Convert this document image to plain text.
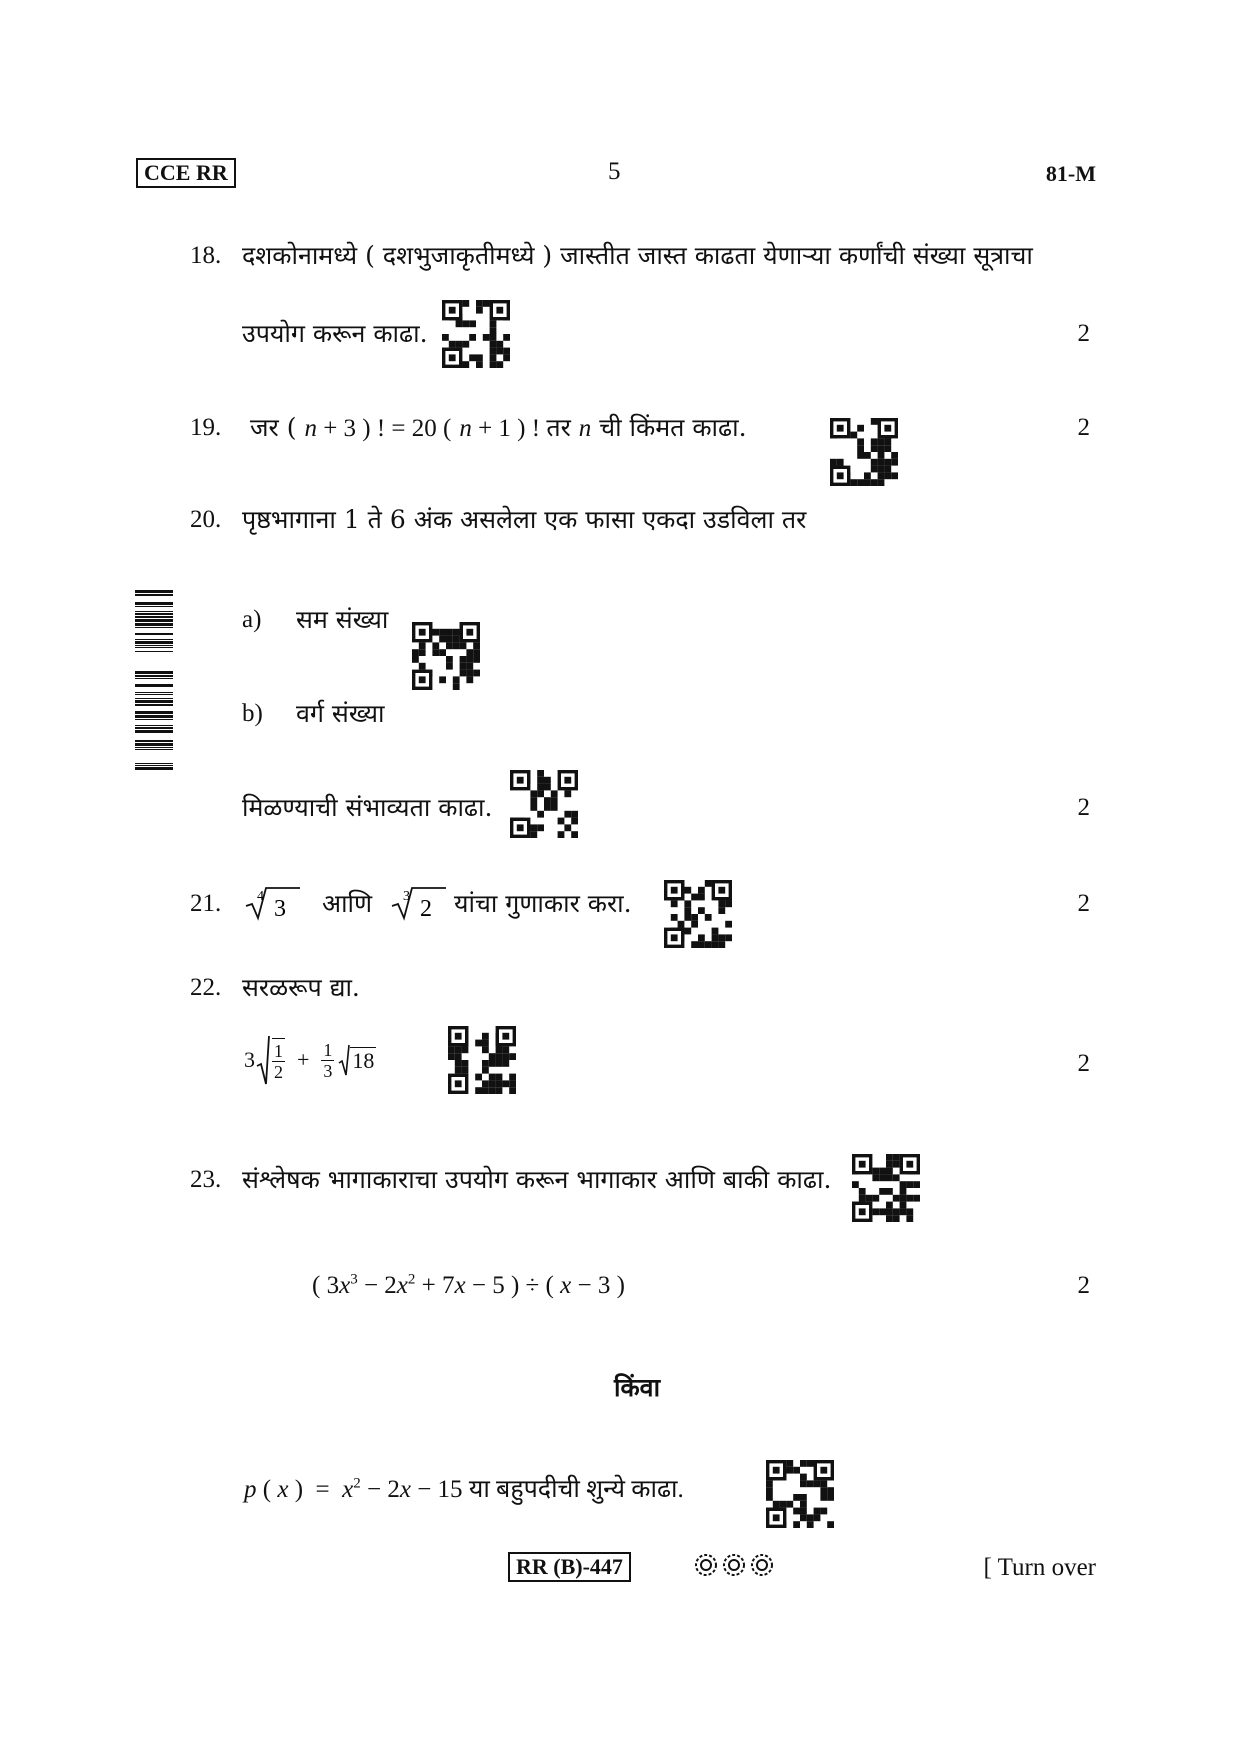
CCE RR	5	81-M
18. दशकोनामध्ये ( दशभुजाकृतीमध्ये ) जास्तीत जास्त काढता येणाऱ्या कर्णांची संख्या सूत्राचा
उपयोग करून काढा.	2
19. जर ( n + 3 ) ! = 20 ( n + 1 ) ! तर n ची किंमत काढा.	2
20. पृष्ठभागाना 1 ते 6 अंक असलेला एक फासा एकदा उडविला तर
a) सम संख्या
b) वर्ग संख्या
मिळण्याची संभाव्यता काढा.	2
21.	4 3 आणि 3 2 यांचा गुणाकार करा.	2
22. सरळरूप द्या.
$3 \frac{1}{2} + \frac{1}{3} 18$	2
23. संश्लेषक भागाकाराचा उपयोग करून भागाकार आणि बाकी काढा.
( $3x^3 - 2x^2 + 7x - 5$ ) ÷ ( x − 3 )	2
किंवा
p ( x )  =  $x^2 - 2x - 15$ या बहुपदीची शुन्ये काढा.
RR (B)-447	[ Turn over
